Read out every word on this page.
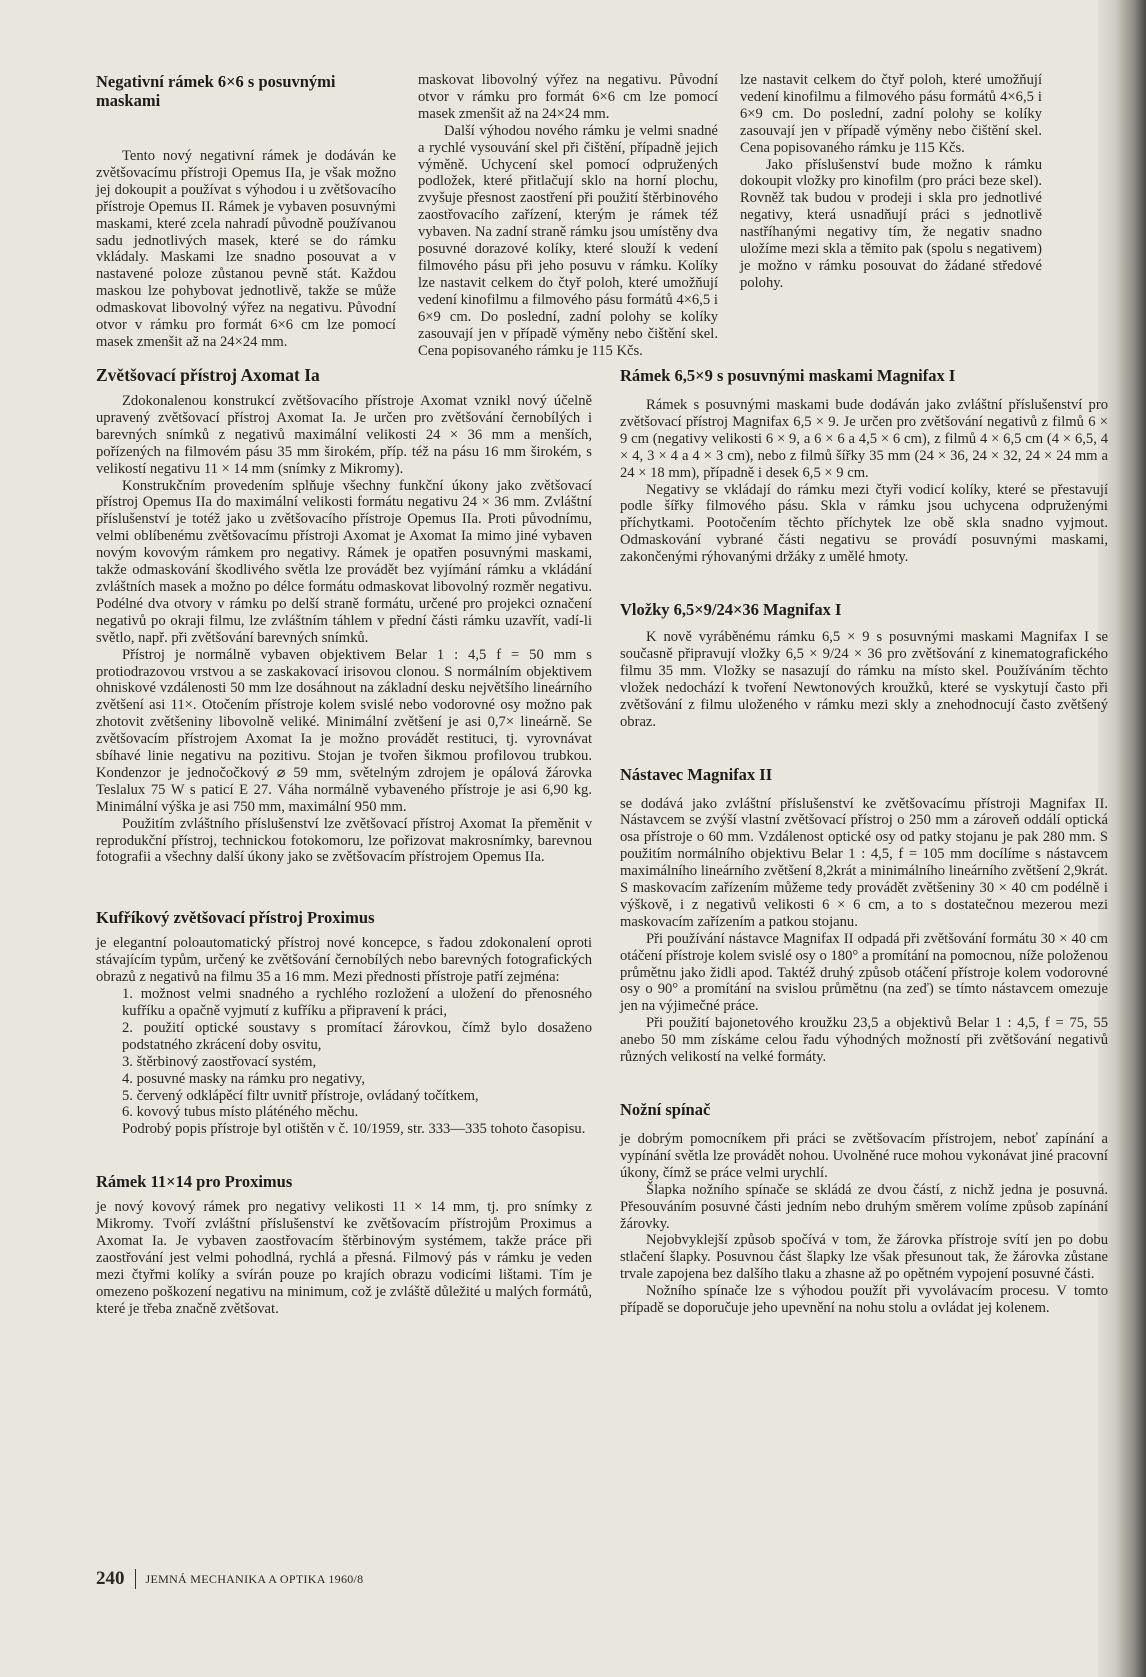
Negativní rámek 6×6 s posuvnými maskami

Tento nový negativní rámek je dodáván ke zvětšovacímu přístroji Opemus IIa, je však možno jej dokoupit a používat s výhodou i u zvětšovacího přístroje Opemus II. Rámek je vybaven posuvnými maskami, které zcela nahradí původně používanou sadu jednotlivých masek, které se do rámku vkládaly. Maskami lze snadno posouvat a v nastavené poloze zůstanou pevně stát. Každou maskou lze pohybovat jednotlivě, takže se může odmaskovat libovolný výřez na negativu. Původní otvor v rámku pro formát 6×6 cm lze pomocí masek zmenšit až na 24×24 mm.

maskovat libovolný výřez na negativu. Původní otvor v rámku pro formát 6×6 cm lze pomocí masek zmenšit až na 24×24 mm.

Další výhodou nového rámku je velmi snadné a rychlé vysouvání skel při čištění, případně jejich výměně. Uchycení skel pomocí odpružených podložek, které přitlačují sklo na horní plochu, zvyšuje přesnost zaostření při použití štěrbinového zaostřovacího zařízení, kterým je rámek též vybaven. Na zadní straně rámku jsou umístěny dva posuvné dorazové kolíky, které slouží k vedení filmového pásu při jeho posuvu v rámku. Kolíky lze nastavit celkem do čtyř poloh, které umožňují vedení kinofilmu a filmového pásu formátů 4×6,5 i 6×9 cm. Do poslední, zadní polohy se kolíky zasouvají jen v případě výměny nebo čištění skel. Cena popisovaného rámku je 115 Kčs.

lze nastavit celkem do čtyř poloh, které umožňují vedení kinofilmu a filmového pásu formátů 4×6,5 i 6×9 cm. Do poslední, zadní polohy se kolíky zasouvají jen v případě výměny nebo čištění skel. Cena popisovaného rámku je 115 Kčs.

Jako příslušenství bude možno k rámku dokoupit vložky pro kinofilm (pro práci beze skel). Rovněž tak budou v prodeji i skla pro jednotlivé negativy, která usnadňují práci s jednotlivě nastříhanými negativy tím, že negativ snadno uložíme mezi skla a těmito pak (spolu s negativem) je možno v rámku posouvat do žádané středové polohy.

Zvětšovací přístroj Axomat Ia

Zdokonalenou konstrukcí zvětšovacího přístroje Axomat vznikl nový účelně upravený zvětšovací přístroj Axomat Ia. Je určen pro zvětšování černobílých i barevných snímků z negativů maximální velikosti 24 × 36 mm a menších, pořízených na filmovém pásu 35 mm širokém, příp. též na pásu 16 mm širokém, s velikostí negativu 11 × 14 mm (snímky z Mikromy).

Konstrukčním provedením splňuje všechny funkční úkony jako zvětšovací přístroj Opemus IIa do maximální velikosti formátu negativu 24 × 36 mm. Zvláštní příslušenství je totéž jako u zvětšovacího přístroje Opemus IIa. Proti původnímu, velmi oblíbenému zvětšovacímu přístroji Axomat je Axomat Ia mimo jiné vybaven novým kovovým rámkem pro negativy. Rámek je opatřen posuvnými maskami, takže odmaskování škodlivého světla lze provádět bez vyjímání rámku a vkládání zvláštních masek a možno po délce formátu odmaskovat libovolný rozměr negativu. Podélné dva otvory v rámku po delší straně formátu, určené pro projekci označení negativů po okraji filmu, lze zvláštním táhlem v přední části rámku uzavřít, vadí-li světlo, např. při zvětšování barevných snímků.

Přístroj je normálně vybaven objektivem Belar 1 : 4,5 f = 50 mm s protiodrazovou vrstvou a se zaskakovací irisovou clonou. S normálním objektivem ohniskové vzdálenosti 50 mm lze dosáhnout na základní desku největšího lineárního zvětšení asi 11×. Otočením přístroje kolem svislé nebo vodorovné osy možno pak zhotovit zvětšeniny libovolně veliké. Minimální zvětšení je asi 0,7× lineárně. Se zvětšovacím přístrojem Axomat Ia je možno provádět restituci, tj. vyrovnávat sbíhavé linie negativu na pozitivu. Stojan je tvořen šikmou profilovou trubkou. Kondenzor je jednočočkový ⌀ 59 mm, světelným zdrojem je opálová žárovka Teslalux 75 W s paticí E 27. Váha normálně vybaveného přístroje je asi 6,90 kg. Minimální výška je asi 750 mm, maximální 950 mm.

Použitím zvláštního příslušenství lze zvětšovací přístroj Axomat Ia přeměnit v reprodukční přístroj, technickou fotokomoru, lze pořizovat makrosnímky, barevnou fotografii a všechny další úkony jako se zvětšovacím přístrojem Opemus IIa.

Kufříkový zvětšovací přístroj Proximus

je elegantní poloautomatický přístroj nové koncepce, s řadou zdokonalení oproti stávajícím typům, určený ke zvětšování černobílých nebo barevných fotografických obrazů z negativů na filmu 35 a 16 mm. Mezi přednosti přístroje patří zejména:

1. možnost velmi snadného a rychlého rozložení a uložení do přenosného kufříku a opačně vyjmutí z kufříku a připravení k práci,

2. použití optické soustavy s promítací žárovkou, čímž bylo dosaženo podstatného zkrácení doby osvitu,

3. štěrbinový zaostřovací systém,

4. posuvné masky na rámku pro negativy,

5. červený odklápěcí filtr uvnitř přístroje, ovládaný točítkem,

6. kovový tubus místo pláténého měchu.

Podrobý popis přístroje byl otištěn v č. 10/1959, str. 333—335 tohoto časopisu.

Rámek 11×14 pro Proximus

je nový kovový rámek pro negativy velikosti 11 × 14 mm, tj. pro snímky z Mikromy. Tvoří zvláštní příslušenství ke zvětšovacím přístrojům Proximus a Axomat Ia. Je vybaven zaostřovacím štěrbinovým systémem, takže práce při zaostřování jest velmi pohodlná, rychlá a přesná. Filmový pás v rámku je veden mezi čtyřmi kolíky a svírán pouze po krajích obrazu vodicími lištami. Tím je omezeno poškození negativu na minimum, což je zvláště důležité u malých formátů, které je třeba značně zvětšovat.

Rámek 6,5×9 s posuvnými maskami Magnifax I

Rámek s posuvnými maskami bude dodáván jako zvláštní příslušenství pro zvětšovací přístroj Magnifax 6,5 × 9. Je určen pro zvětšování negativů z filmů 6 × 9 cm (negativy velikosti 6 × 9, a 6 × 6 a 4,5 × 6 cm), z filmů 4 × 6,5 cm (4 × 6,5, 4 × 4, 3 × 4 a 4 × 3 cm), nebo z filmů šířky 35 mm (24 × 36, 24 × 32, 24 × 24 mm a 24 × 18 mm), případně i desek 6,5 × 9 cm.

Negativy se vkládají do rámku mezi čtyři vodicí kolíky, které se přestavují podle šířky filmového pásu. Skla v rámku jsou uchycena odpruženými příchytkami. Pootočením těchto příchytek lze obě skla snadno vyjmout. Odmaskování vybrané části negativu se provádí posuvnými maskami, zakončenými rýhovanými držáky z umělé hmoty.

Vložky 6,5×9/24×36 Magnifax I

K nově vyráběnému rámku 6,5 × 9 s posuvnými maskami Magnifax I se současně připravují vložky 6,5 × 9/24 × 36 pro zvětšování z kinematografického filmu 35 mm. Vložky se nasazují do rámku na místo skel. Používáním těchto vložek nedochází k tvoření Newtonových kroužků, které se vyskytují často při zvětšování z filmu uloženého v rámku mezi skly a znehodnocují často zvětšený obraz.

Nástavec Magnifax II

se dodává jako zvláštní příslušenství ke zvětšovacímu přístroji Magnifax II. Nástavcem se zvýší vlastní zvětšovací přístroj o 250 mm a zároveň oddálí optická osa přístroje o 60 mm. Vzdálenost optické osy od patky stojanu je pak 280 mm. S použitím normálního objektivu Belar 1 : 4,5, f = 105 mm docílíme s nástavcem maximálního lineárního zvětšení 8,2krát a minimálního lineárního zvětšení 2,9krát. S maskovacím zařízením můžeme tedy provádět zvětšeniny 30 × 40 cm podélně i výškově, i z negativů velikosti 6 × 6 cm, a to s dostatečnou mezerou mezi maskovacím zařízením a patkou stojanu.

Při používání nástavce Magnifax II odpadá při zvětšování formátu 30 × 40 cm otáčení přístroje kolem svislé osy o 180° a promítání na pomocnou, níže položenou průmětnu jako židli apod. Taktéž druhý způsob otáčení přístroje kolem vodorovné osy o 90° a promítání na svislou průmětnu (na zeď) se tímto nástavcem omezuje jen na výjimečné práce.

Při použití bajonetového kroužku 23,5 a objektivů Belar 1 : 4,5, f = 75, 55 anebo 50 mm získáme celou řadu výhodných možností při zvětšování negativů různých velikostí na velké formáty.

Nožní spínač

je dobrým pomocníkem při práci se zvětšovacím přístrojem, neboť zapínání a vypínání světla lze provádět nohou. Uvolněné ruce mohou vykonávat jiné pracovní úkony, čímž se práce velmi urychlí.

Šlapka nožního spínače se skládá ze dvou částí, z nichž jedna je posuvná. Přesouváním posuvné části jedním nebo druhým směrem volíme způsob zapínání žárovky.

Nejobvyklejší způsob spočívá v tom, že žárovka přístroje svítí jen po dobu stlačení šlapky. Posuvnou část šlapky lze však přesunout tak, že žárovka zůstane trvale zapojena bez dalšího tlaku a zhasne až po opětném vypojení posuvné části.

Nožního spínače lze s výhodou použít při vyvolávacím procesu. V tomto případě se doporučuje jeho upevnění na nohu stolu a ovládat jej kolenem.

240 JEMNÁ MECHANIKA A OPTIKA 1960/8
